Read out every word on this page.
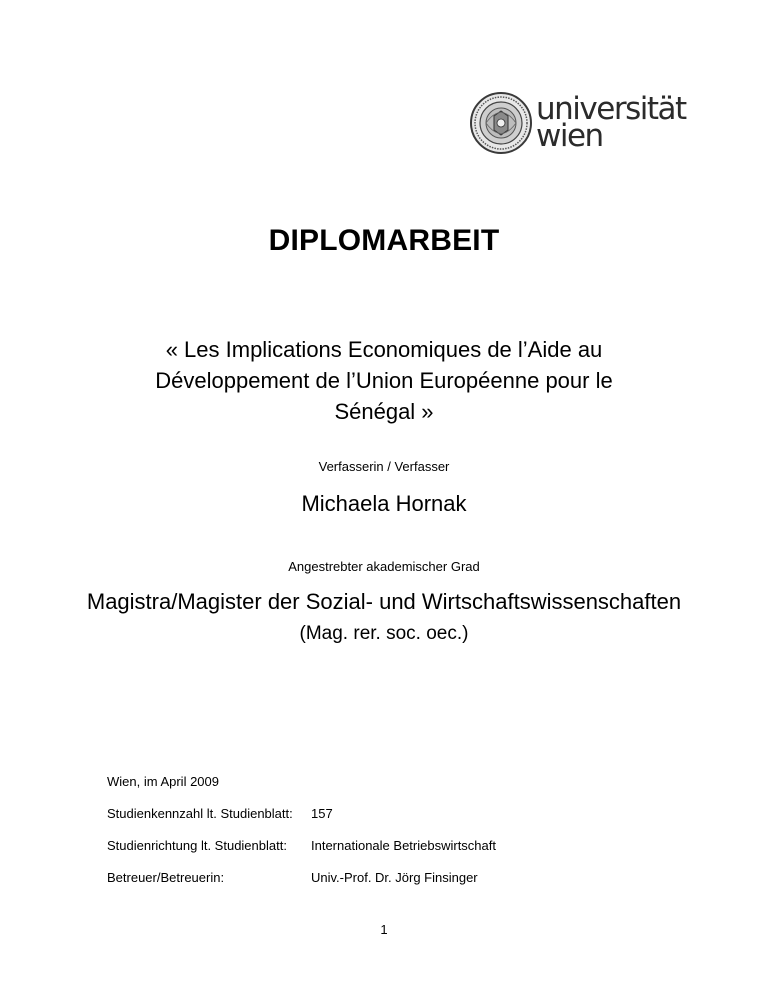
universität
wien
DIPLOMARBEIT
« Les Implications Economiques de l’Aide au
Développement de l’Union Européenne pour le
Sénégal »
Verfasserin / Verfasser
Michaela Hornak
Angestrebter akademischer Grad
Magistra/Magister der Sozial- und Wirtschaftswissenschaften
(Mag. rer. soc. oec.)
Wien, im April 2009
Studienkennzahl lt. Studienblatt: 157
Studienrichtung lt. Studienblatt: Internationale Betriebswirtschaft
Betreuer/Betreuerin:	Univ.-Prof. Dr. Jörg Finsinger
1
